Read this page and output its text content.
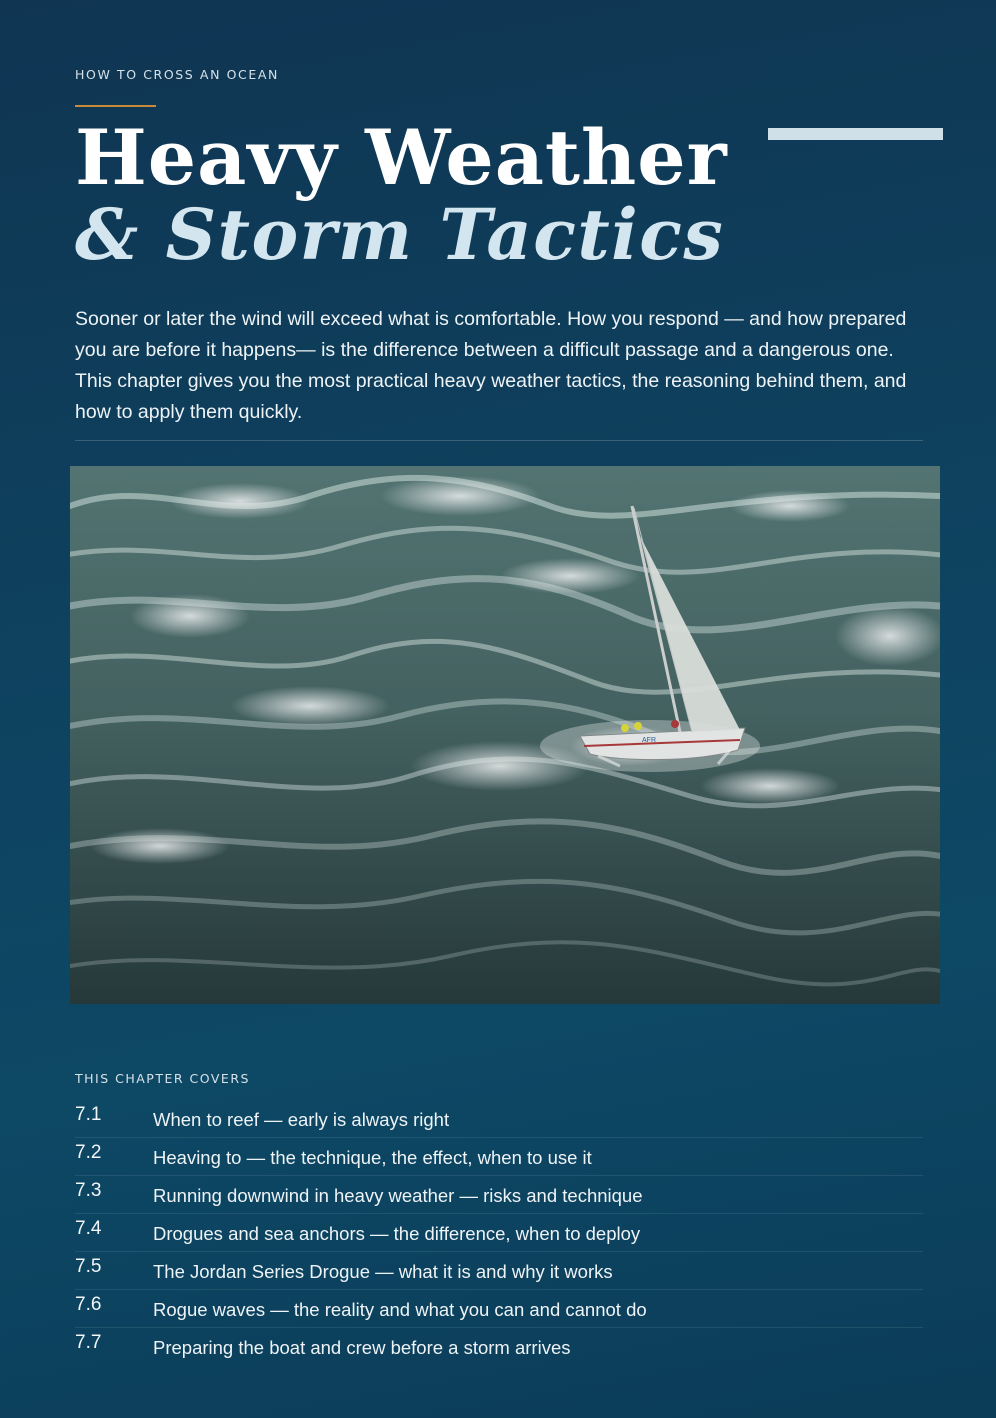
HOW TO CROSS AN OCEAN
Heavy Weather
& Storm Tactics

Sooner or later the wind will exceed what is comfortable. How you respond — and how prepared you are before it happens— is the difference between a difficult passage and a dangerous one. This chapter gives you the most practical heavy weather tactics, the reasoning behind them, and how to apply them quickly.

AFR
THIS CHAPTER COVERS
7.1	When to reef — early is always right
7.2	Heaving to — the technique, the effect, when to use it
7.3	Running downwind in heavy weather — risks and technique
7.4	Drogues and sea anchors — the difference, when to deploy
7.5	The Jordan Series Drogue — what it is and why it works
7.6	Rogue waves — the reality and what you can and cannot do
7.7	Preparing the boat and crew before a storm arrives
